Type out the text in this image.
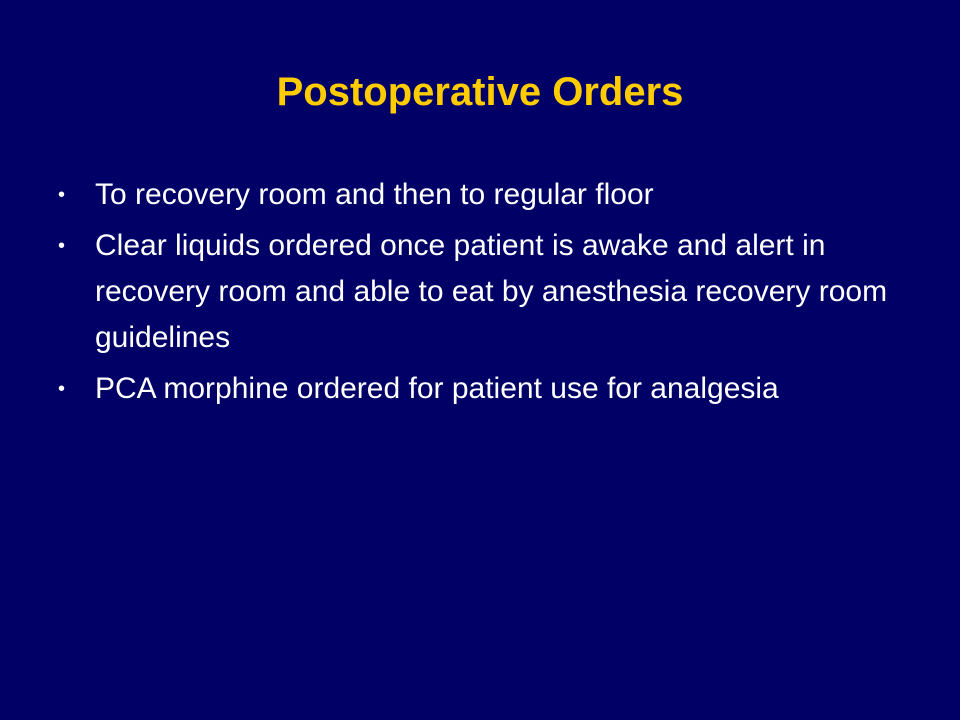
Postoperative Orders
• To recovery room and then to regular floor
• Clear liquids ordered once patient is awake and alert in recovery room and able to eat by anesthesia recovery room guidelines
• PCA morphine ordered for patient use for analgesia
